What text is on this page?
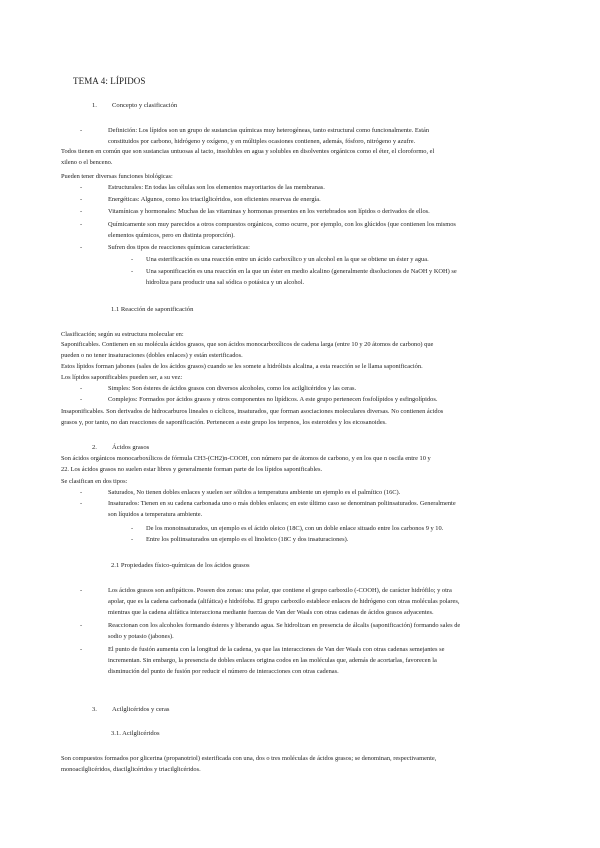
TEMA 4: LÍPIDOS
1. Concepto y clasificación
- Definición: Los lípidos son un grupo de sustancias químicas muy heterogéneas, tanto estructural como funcionalmente. Están
constituidos por carbono, hidrógeno y oxígeno, y en múltiples ocasiones contienen, además, fósforo, nitrógeno y azufre.
Todos tienen en común que son sustancias untuosas al tacto, insolubles en agua y solubles en disolventes orgánicos como el éter, el cloroformo, el
xileno o el benceno.
Pueden tener diversas funciones biológicas:
- Estructurales: En todas las células son los elementos mayoritarios de las membranas.
- Energéticas: Algunos, como los triacilglicéridos, son eficientes reservas de energía.
- Vitamínicas y hormonales: Muchas de las vitaminas y hormonas presentes en los vertebrados son lípidos o derivados de ellos.
- Químicamente son muy parecidos a otros compuestos orgánicos, como ocurre, por ejemplo, con los glúcidos (que contienen los mismos
elementos químicos, pero en distinta proporción).
- Sufren dos tipos de reacciones químicas características:
- Una esterificación es una reacción entre un ácido carboxílico y un alcohol en la que se obtiene un éster y agua.
- Una saponificación es una reacción en la que un éster en medio alcalino (generalmente disoluciones de NaOH y KOH) se
hidroliza para producir una sal sódica o potásica y un alcohol.
1.1 Reacción de saponificación
Clasificación; según su estructura molecular en:
Saponificables. Contienen en su molécula ácidos grasos, que son ácidos monocarboxílicos de cadena larga (entre 10 y 20 átomos de carbono) que
pueden o no tener insaturaciones (dobles enlaces) y están esterificados.
Estos lípidos forman jabones (sales de los ácidos grasos) cuando se les somete a hidrólisis alcalina, a esta reacción se le llama saponificación.
Los lípidos saponificables pueden ser, a su vez:
- Simples: Son ésteres de ácidos grasos con diversos alcoholes, como los acilglicéridos y las ceras.
- Complejos: Formados por ácidos grasos y otros componentes no lipídicos. A este grupo pertenecen fosfolípidos y esfingolípidos.
Insaponificables. Son derivados de hidrocarburos lineales o cíclicos, insaturados, que forman asociaciones moleculares diversas. No contienen ácidos
grasos y, por tanto, no dan reacciones de saponificación. Pertenecen a este grupo los terpenos, los esteroides y los eicosanoides.
2. Ácidos grasos
Son ácidos orgánicos monocarboxílicos de fórmula CH3-(CH2)n-COOH, con número par de átomos de carbono, y en los que n oscila entre 10 y
22. Los ácidos grasos no suelen estar libres y generalmente forman parte de los lípidos saponificables.
Se clasifican en dos tipos:
- Saturados, No tienen dobles enlaces y suelen ser sólidos a temperatura ambiente un ejemplo es el palmítico (16C).
- Insaturados: Tienen en su cadena carbonada uno o más dobles enlaces; en este último caso se denominan poliinsaturados. Generalmente
son líquidos a temperatura ambiente.
- De los monoinsaturados, un ejemplo es el ácido oleico (18C), con un doble enlace situado entre los carbonos 9 y 10.
- Entre los poliinsaturados un ejemplo es el linoleico (18C y dos insaturaciones).
2.1 Propiedades físico-químicas de los ácidos grasos
- Los ácidos grasos son anfipáticos. Poseen dos zonas: una polar, que contiene el grupo carboxilo (-COOH), de carácter hidrófilo; y otra
apolar, que es la cadena carbonada (alifática) e hidrófoba. El grupo carboxilo establece enlaces de hidrógeno con otras moléculas polares,
mientras que la cadena alifática interacciona mediante fuerzas de Van der Waals con otras cadenas de ácidos grasos adyacentes.
- Reaccionan con los alcoholes formando ésteres y liberando agua. Se hidrolizan en presencia de álcalis (saponificación) formando sales de
sodio y potasio (jabones).
- El punto de fusión aumenta con la longitud de la cadena, ya que las interacciones de Van der Waals con otras cadenas semejantes se
incrementan. Sin embargo, la presencia de dobles enlaces origina codos en las moléculas que, además de acortarlas, favorecen la
disminución del punto de fusión por reducir el número de interacciones con otras cadenas.
3. Acilglicéridos y ceras
3.1. Acilglicéridos
Son compuestos formados por glicerina (propanotriol) esterificada con una, dos o tres moléculas de ácidos grasos; se denominan, respectivamente,
monoacilglicéridos, diacilglicéridos y triacilglicéridos.
